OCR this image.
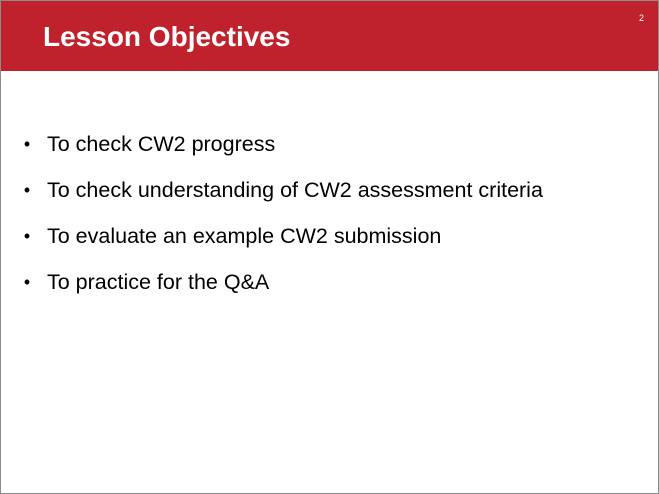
Lesson Objectives
2
• To check CW2 progress
• To check understanding of CW2 assessment criteria
• To evaluate an example CW2 submission
• To practice for the Q&A
